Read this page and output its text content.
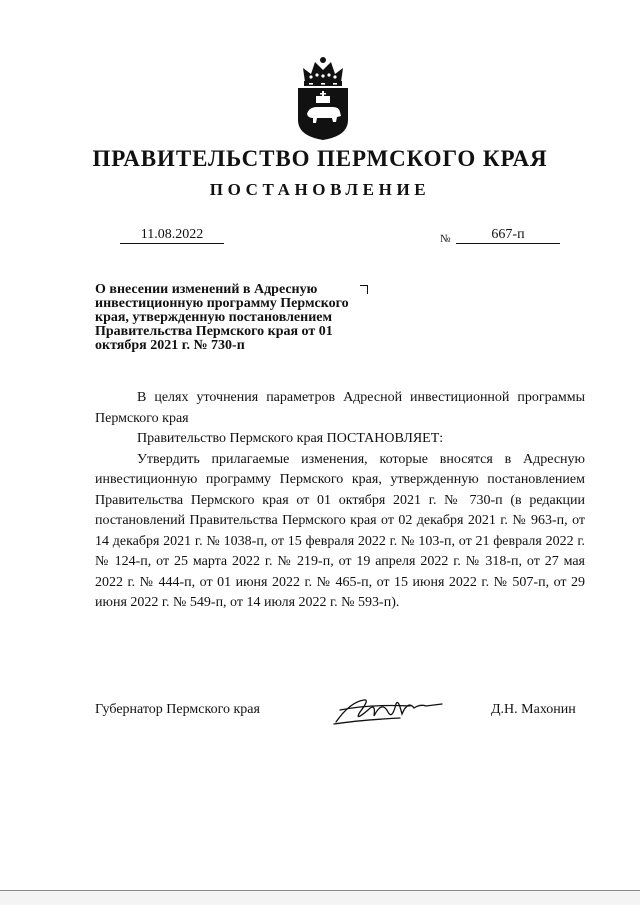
ПРАВИТЕЛЬСТВО ПЕРМСКОГО КРАЯ
ПОСТАНОВЛЕНИЕ
11.08.2022	№	667-п

О внесении изменений в Адресную инвестиционную программу Пермского края, утвержденную постановлением Правительства Пермского края от 01 октября 2021 г. № 730-п

В целях уточнения параметров Адресной инвестиционной программы Пермского края

Правительство Пермского края ПОСТАНОВЛЯЕТ:

Утвердить прилагаемые изменения, которые вносятся в Адресную инвестиционную программу Пермского края, утвержденную постановлением Правительства Пермского края от 01 октября 2021 г. № 730-п (в редакции постановлений Правительства Пермского края от 02 декабря 2021 г. № 963-п, от 14 декабря 2021 г. № 1038-п, от 15 февраля 2022 г. № 103-п, от 21 февраля 2022 г. № 124-п, от 25 марта 2022 г. № 219-п, от 19 апреля 2022 г. № 318-п, от 27 мая 2022 г. № 444-п, от 01 июня 2022 г. № 465-п, от 15 июня 2022 г. № 507-п, от 29 июня 2022 г. № 549-п, от 14 июля 2022 г. № 593-п).

Губернатор Пермского края	Д.Н. Махонин
